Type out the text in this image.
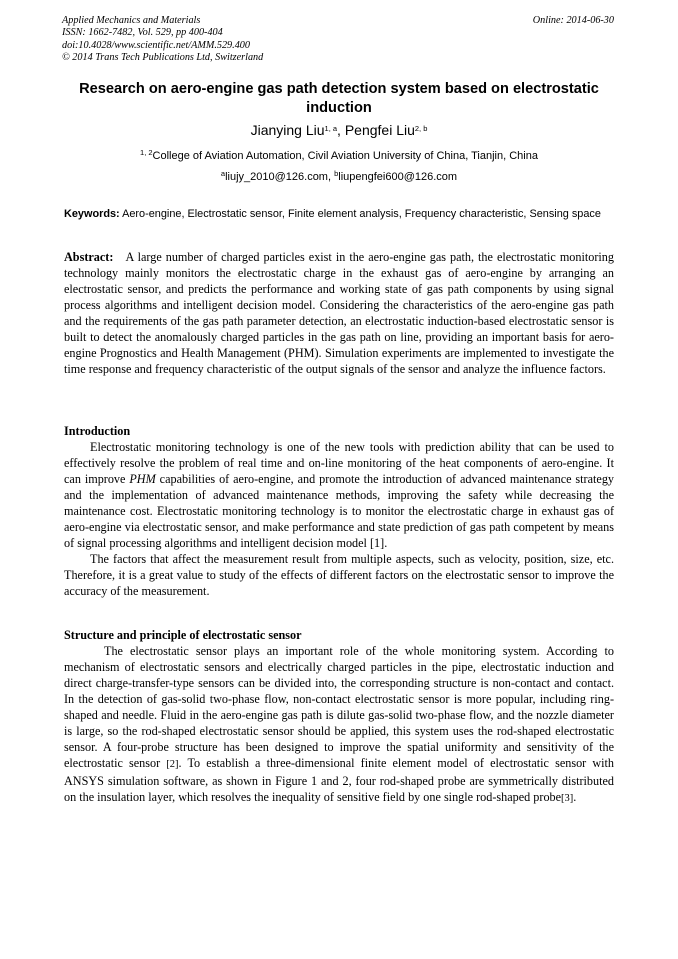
Applied Mechanics and Materials
ISSN: 1662-7482, Vol. 529, pp 400-404
doi:10.4028/www.scientific.net/AMM.529.400
© 2014 Trans Tech Publications Ltd, Switzerland
Online: 2014-06-30
Research on aero-engine gas path detection system based on electrostatic induction
Jianying Liu$^{1, a}$, Pengfei Liu$^{2, b}$
$^{1, 2}$College of Aviation Automation, Civil Aviation University of China, Tianjin, China
$^a$liujy_2010@126.com, $^b$liupengfei600@126.com
Keywords: Aero-engine, Electrostatic sensor, Finite element analysis, Frequency characteristic, Sensing space

Abstract:   A large number of charged particles exist in the aero-engine gas path, the electrostatic monitoring technology mainly monitors the electrostatic charge in the exhaust gas of aero-engine by arranging an electrostatic sensor, and predicts the performance and working state of gas path components by using signal process algorithms and intelligent decision model. Considering the characteristics of the aero-engine gas path and the requirements of the gas path parameter detection, an electrostatic induction-based electrostatic sensor is built to detect the anomalously charged particles in the gas path on line, providing an important basis for aero-engine Prognostics and Health Management (PHM). Simulation experiments are implemented to investigate the time response and frequency characteristic of the output signals of the sensor and analyze the influence factors.

Introduction

Electrostatic monitoring technology is one of the new tools with prediction ability that can be used to effectively resolve the problem of real time and on-line monitoring of the heat components of aero-engine. It can improve PHM capabilities of aero-engine, and promote the introduction of advanced maintenance strategy and the implementation of advanced maintenance methods, improving the safety while decreasing the maintenance cost. Electrostatic monitoring technology is to monitor the electrostatic charge in exhaust gas of aero-engine via electrostatic sensor, and make performance and state prediction of gas path competent by means of signal processing algorithms and intelligent decision model [1].

The factors that affect the measurement result from multiple aspects, such as velocity, position, size, etc. Therefore, it is a great value to study of the effects of different factors on the electrostatic sensor to improve the accuracy of the measurement.

Structure and principle of electrostatic sensor

The electrostatic sensor plays an important role of the whole monitoring system. According to mechanism of electrostatic sensors and electrically charged particles in the pipe, electrostatic induction and direct charge-transfer-type sensors can be divided into, the corresponding structure is non-contact and contact. In the detection of gas-solid two-phase flow, non-contact electrostatic sensor is more popular, including ring-shaped and needle. Fluid in the aero-engine gas path is dilute gas-solid two-phase flow, and the nozzle diameter is large, so the rod-shaped electrostatic sensor should be applied, this system uses the rod-shaped electrostatic sensor. A four-probe structure has been designed to improve the spatial uniformity and sensitivity of the electrostatic sensor [2]. To establish a three-dimensional finite element model of electrostatic sensor with ANSYS simulation software, as shown in Figure 1 and 2, four rod-shaped probe are symmetrically distributed on the insulation layer, which resolves the inequality of sensitive field by one single rod-shaped probe[3].
